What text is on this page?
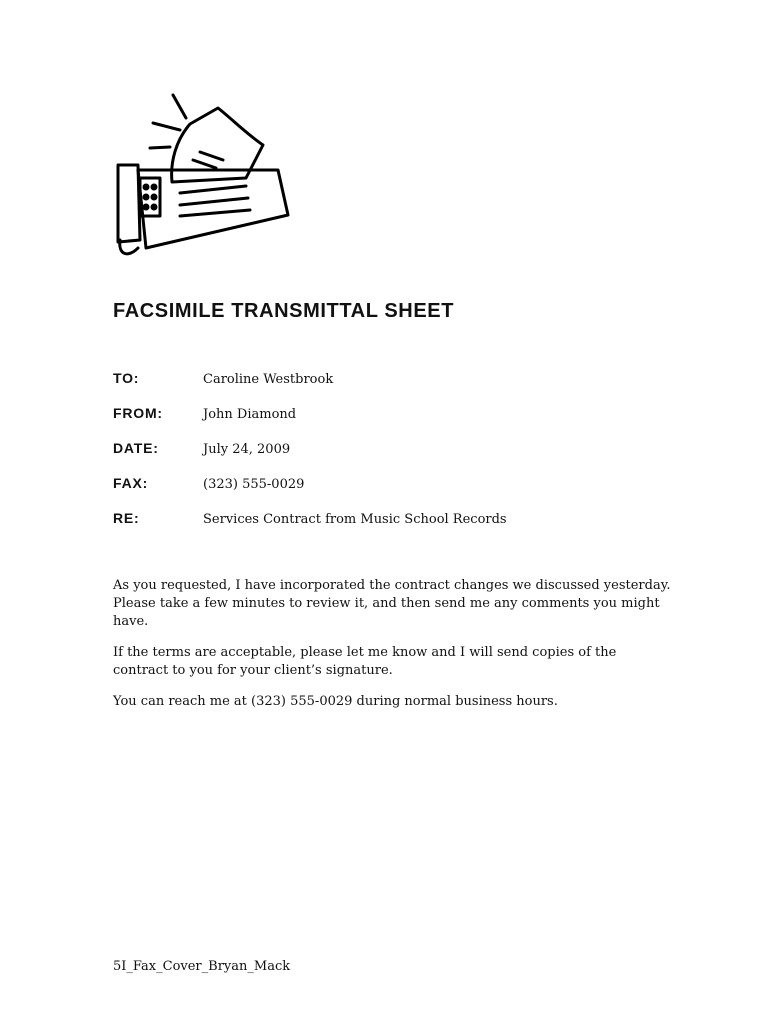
FACSIMILE TRANSMITTAL SHEET
TO:	Caroline Westbrook
FROM:	John Diamond
DATE:	July 24, 2009
FAX:	(323) 555-0029
RE:	Services Contract from Music School Records

As you requested, I have incorporated the contract changes we discussed yesterday. Please take a few minutes to review it, and then send me any comments you might have.

If the terms are acceptable, please let me know and I will send copies of the contract to you for your client’s signature.

You can reach me at (323) 555-0029 during normal business hours.

5I_Fax_Cover_Bryan_Mack
